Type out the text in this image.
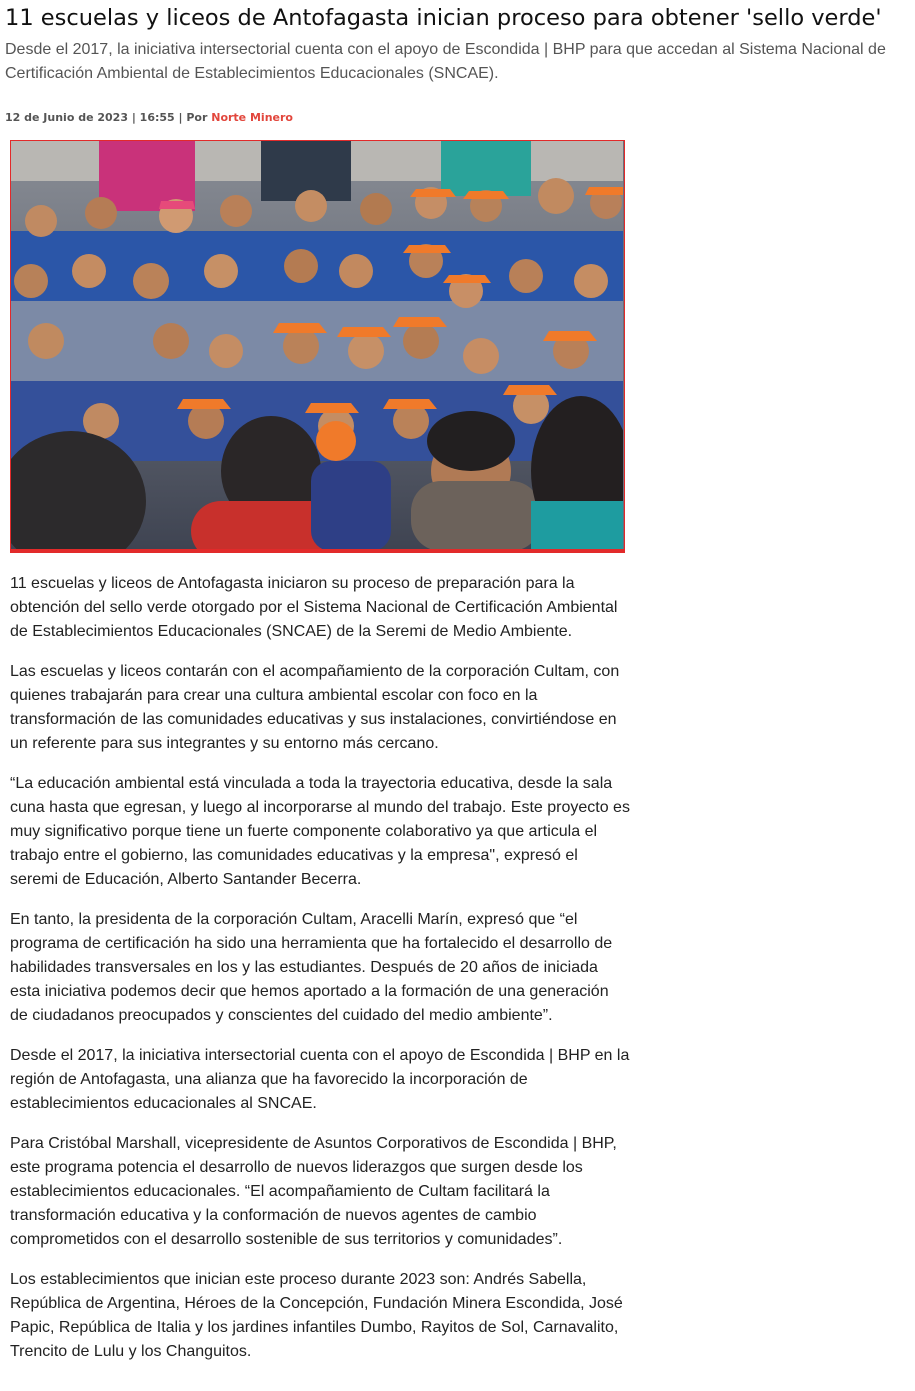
11 escuelas y liceos de Antofagasta inician proceso para obtener 'sello verde'

Desde el 2017, la iniciativa intersectorial cuenta con el apoyo de Escondida | BHP para que accedan al Sistema Nacional de Certificación Ambiental de Establecimientos Educacionales (SNCAE).

12 de Junio de 2023 | 16:55 | Por Norte Minero

11 escuelas y liceos de Antofagasta iniciaron su proceso de preparación para la obtención del sello verde otorgado por el Sistema Nacional de Certificación Ambiental de Establecimientos Educacionales (SNCAE) de la Seremi de Medio Ambiente.

Las escuelas y liceos contarán con el acompañamiento de la corporación Cultam, con quienes trabajarán para crear una cultura ambiental escolar con foco en la transformación de las comunidades educativas y sus instalaciones, convirtiéndose en un referente para sus integrantes y su entorno más cercano.

“La educación ambiental está vinculada a toda la trayectoria educativa, desde la sala cuna hasta que egresan, y luego al incorporarse al mundo del trabajo. Este proyecto es muy significativo porque tiene un fuerte componente colaborativo ya que articula el trabajo entre el gobierno, las comunidades educativas y la empresa", expresó el seremi de Educación, Alberto Santander Becerra.

En tanto, la presidenta de la corporación Cultam, Aracelli Marín, expresó que “el programa de certificación ha sido una herramienta que ha fortalecido el desarrollo de habilidades transversales en los y las estudiantes. Después de 20 años de iniciada esta iniciativa podemos decir que hemos aportado a la formación de una generación de ciudadanos preocupados y conscientes del cuidado del medio ambiente”.

Desde el 2017, la iniciativa intersectorial cuenta con el apoyo de Escondida | BHP en la región de Antofagasta, una alianza que ha favorecido la incorporación de establecimientos educacionales al SNCAE.

Para Cristóbal Marshall, vicepresidente de Asuntos Corporativos de Escondida | BHP, este programa potencia el desarrollo de nuevos liderazgos que surgen desde los establecimientos educacionales. “El acompañamiento de Cultam facilitará la transformación educativa y la conformación de nuevos agentes de cambio comprometidos con el desarrollo sostenible de sus territorios y comunidades”.

Los establecimientos que inician este proceso durante 2023 son: Andrés Sabella, República de Argentina, Héroes de la Concepción, Fundación Minera Escondida, José Papic, República de Italia y los jardines infantiles Dumbo, Rayitos de Sol, Carnavalito, Trencito de Lulu y los Changuitos.
